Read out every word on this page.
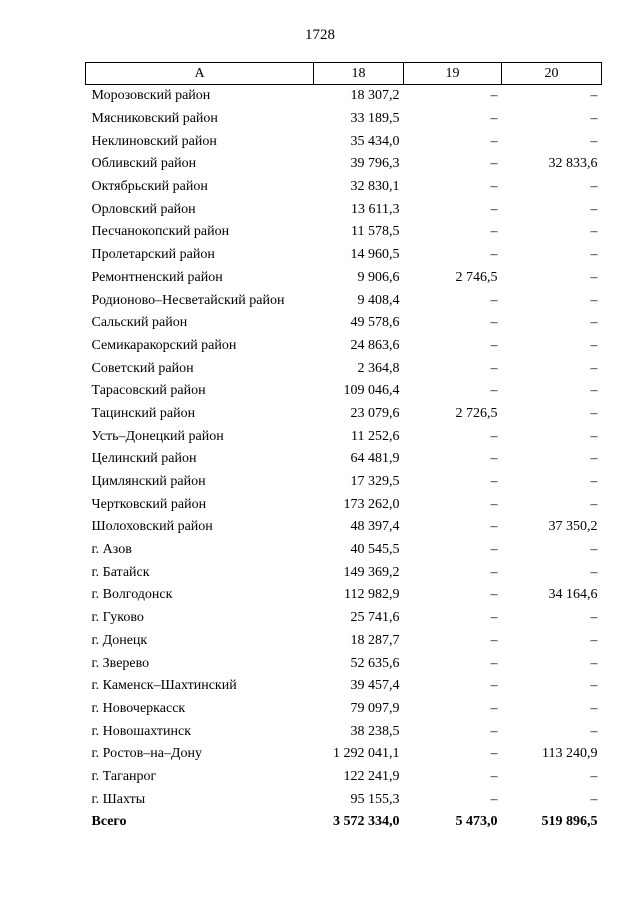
1728
А	18	19	20
Морозовский район	18 307,2	–	–
Мясниковский район	33 189,5	–	–
Неклиновский район	35 434,0	–	–
Обливский район	39 796,3	–	32 833,6
Октябрьский район	32 830,1	–	–
Орловский район	13 611,3	–	–
Песчанокопский район	11 578,5	–	–
Пролетарский район	14 960,5	–	–
Ремонтненский район	9 906,6	2 746,5	–
Родионово–Несветайский район	9 408,4	–	–
Сальский район	49 578,6	–	–
Семикаракорский район	24 863,6	–	–
Советский район	2 364,8	–	–
Тарасовский район	109 046,4	–	–
Тацинский район	23 079,6	2 726,5	–
Усть–Донецкий район	11 252,6	–	–
Целинский район	64 481,9	–	–
Цимлянский район	17 329,5	–	–
Чертковский район	173 262,0	–	–
Шолоховский район	48 397,4	–	37 350,2
г. Азов	40 545,5	–	–
г. Батайск	149 369,2	–	–
г. Волгодонск	112 982,9	–	34 164,6
г. Гуково	25 741,6	–	–
г. Донецк	18 287,7	–	–
г. Зверево	52 635,6	–	–
г. Каменск–Шахтинский	39 457,4	–	–
г. Новочеркасск	79 097,9	–	–
г. Новошахтинск	38 238,5	–	–
г. Ростов–на–Дону	1 292 041,1	–	113 240,9
г. Таганрог	122 241,9	–	–
г. Шахты	95 155,3	–	–
Всего	3 572 334,0	5 473,0	519 896,5
